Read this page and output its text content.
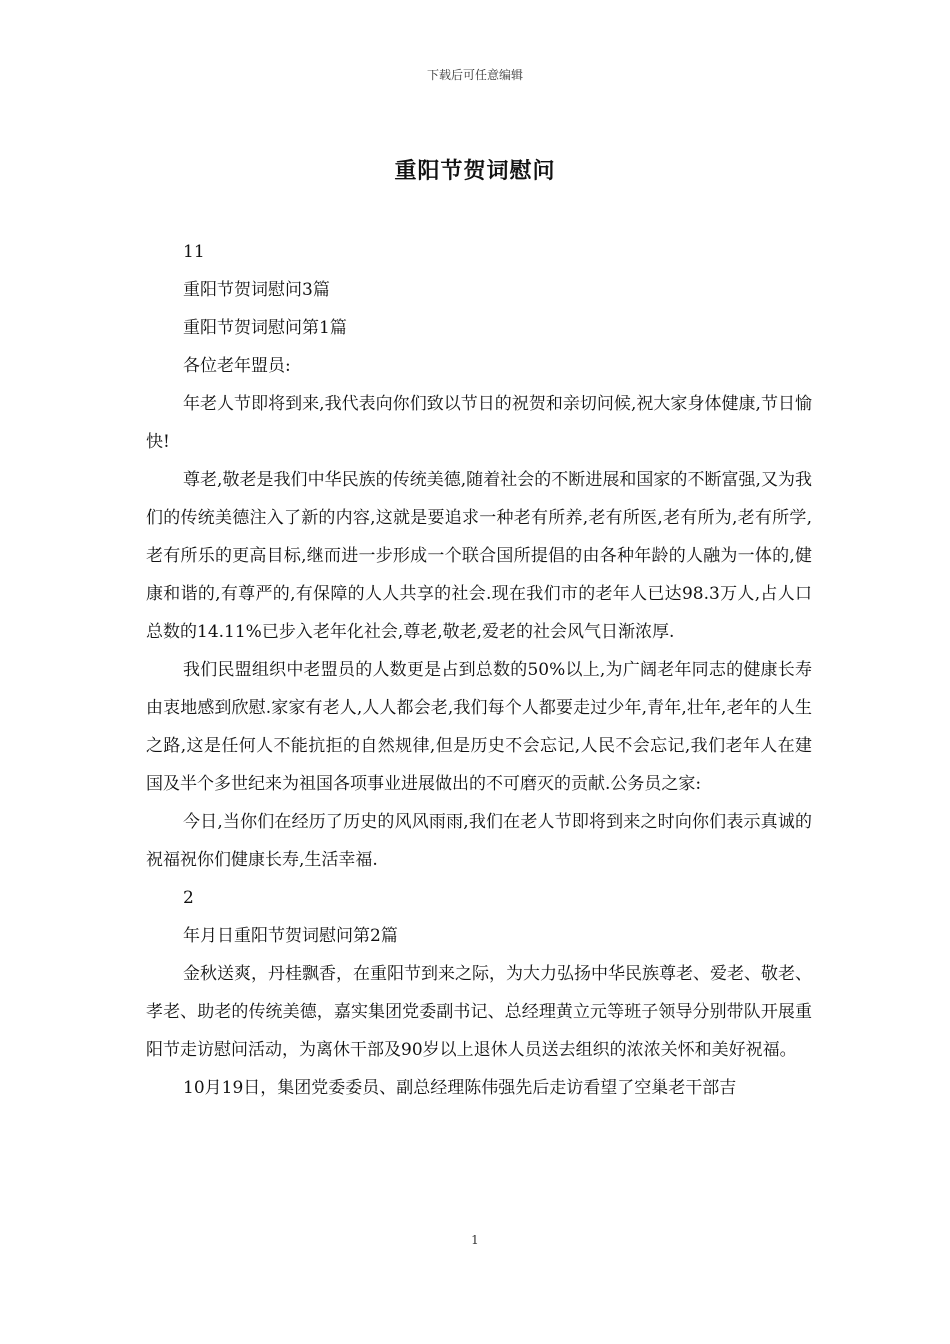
下载后可任意编辑
重阳节贺词慰问

11

重阳节贺词慰问3篇

重阳节贺词慰问第1篇

各位老年盟员:

年老人节即将到来,我代表向你们致以节日的祝贺和亲切问候,祝大家身体健康,节日愉快!

尊老,敬老是我们中华民族的传统美德,随着社会的不断进展和国家的不断富强,又为我们的传统美德注入了新的内容,这就是要追求一种老有所养,老有所医,老有所为,老有所学,老有所乐的更高目标,继而进一步形成一个联合国所提倡的由各种年龄的人融为一体的,健康和谐的,有尊严的,有保障的人人共享的社会.现在我们市的老年人已达98.3万人,占人口总数的14.11%已步入老年化社会,尊老,敬老,爱老的社会风气日渐浓厚.

我们民盟组织中老盟员的人数更是占到总数的50%以上,为广阔老年同志的健康长寿由衷地感到欣慰.家家有老人,人人都会老,我们每个人都要走过少年,青年,壮年,老年的人生之路,这是任何人不能抗拒的自然规律,但是历史不会忘记,人民不会忘记,我们老年人在建国及半个多世纪来为祖国各项事业进展做出的不可磨灭的贡献.公务员之家:

今日,当你们在经历了历史的风风雨雨,我们在老人节即将到来之时向你们表示真诚的祝福祝你们健康长寿,生活幸福.

2

年月日重阳节贺词慰问第2篇

金秋送爽，丹桂飘香，在重阳节到来之际，为大力弘扬中华民族尊老、爱老、敬老、孝老、助老的传统美德，嘉实集团党委副书记、总经理黄立元等班子领导分别带队开展重阳节走访慰问活动，为离休干部及90岁以上退休人员送去组织的浓浓关怀和美好祝福。

10月19日，集团党委委员、副总经理陈伟强先后走访看望了空巢老干部吉

1
